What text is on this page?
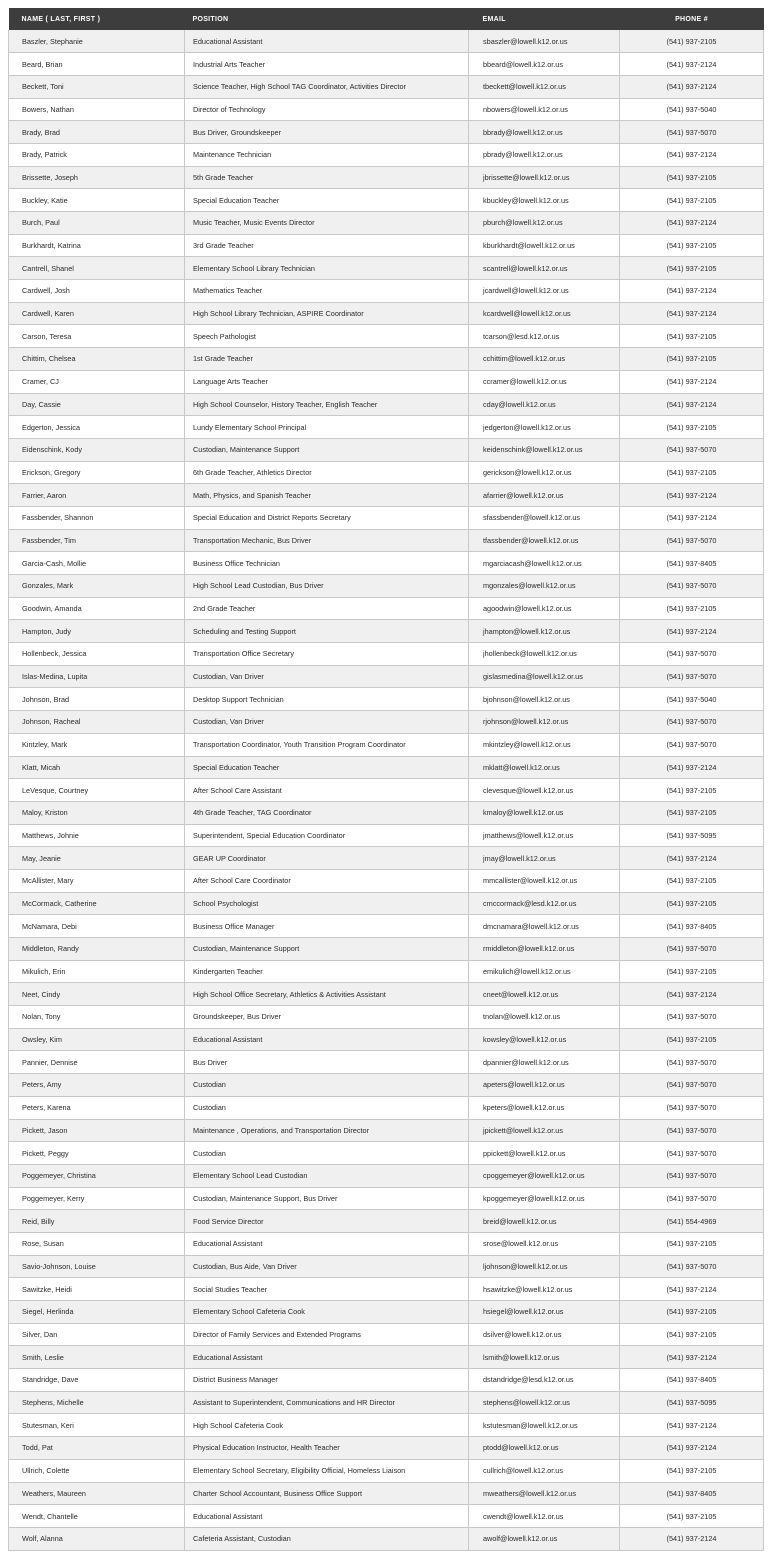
NAME ( LAST, FIRST )	POSITION	EMAIL	PHONE #
Baszler, Stephanie	Educational Assistant	sbaszler@lowell.k12.or.us	(541) 937-2105
Beard, Brian	Industrial Arts Teacher	bbeard@lowell.k12.or.us	(541) 937-2124
Beckett, Toni	Science Teacher, High School TAG Coordinator, Activities Director	tbeckett@lowell.k12.or.us	(541) 937-2124
Bowers, Nathan	Director of Technology	nbowers@lowell.k12.or.us	(541) 937-5040
Brady, Brad	Bus Driver, Groundskeeper	bbrady@lowell.k12.or.us	(541) 937-5070
Brady, Patrick	Maintenance Technician	pbrady@lowell.k12.or.us	(541) 937-2124
Brissette, Joseph	5th Grade Teacher	jbrissette@lowell.k12.or.us	(541) 937-2105
Buckley, Katie	Special Education Teacher	kbuckley@lowell.k12.or.us	(541) 937-2105
Burch, Paul	Music Teacher, Music Events Director	pburch@lowell.k12.or.us	(541) 937-2124
Burkhardt, Katrina	3rd Grade Teacher	kburkhardt@lowell.k12.or.us	(541) 937-2105
Cantrell, Shanel	Elementary School Library Technician	scantrell@lowell.k12.or.us	(541) 937-2105
Cardwell, Josh	Mathematics Teacher	jcardwell@lowell.k12.or.us	(541) 937-2124
Cardwell, Karen	High School Library Technician, ASPIRE Coordinator	kcardwell@lowell.k12.or.us	(541) 937-2124
Carson, Teresa	Speech Pathologist	tcarson@lesd.k12.or.us	(541) 937-2105
Chittim, Chelsea	1st Grade Teacher	cchittim@lowell.k12.or.us	(541) 937-2105
Cramer, CJ	Language Arts Teacher	ccramer@lowell.k12.or.us	(541) 937-2124
Day, Cassie	High School Counselor, History Teacher, English Teacher	cday@lowell.k12.or.us	(541) 937-2124
Edgerton, Jessica	Lundy Elementary School Principal	jedgerton@lowell.k12.or.us	(541) 937-2105
Eidenschink, Kody	Custodian, Maintenance Support	keidenschink@lowell.k12.or.us	(541) 937-5070
Erickson, Gregory	6th Grade Teacher, Athletics Director	gerickson@lowell.k12.or.us	(541) 937-2105
Farrier, Aaron	Math, Physics, and Spanish Teacher	afarrier@lowell.k12.or.us	(541) 937-2124
Fassbender, Shannon	Special Education and District Reports Secretary	sfassbender@lowell.k12.or.us	(541) 937-2124
Fassbender, Tim	Transportation Mechanic, Bus Driver	tfassbender@lowell.k12.or.us	(541) 937-5070
Garcia-Cash, Mollie	Business Office Technician	mgarciacash@lowell.k12.or.us	(541) 937-8405
Gonzales, Mark	High School Lead Custodian, Bus Driver	mgonzales@lowell.k12.or.us	(541) 937-5070
Goodwin, Amanda	2nd Grade Teacher	agoodwin@lowell.k12.or.us	(541) 937-2105
Hampton, Judy	Scheduling and Testing Support	jhampton@lowell.k12.or.us	(541) 937-2124
Hollenbeck, Jessica	Transportation Office Secretary	jhollenbeck@lowell.k12.or.us	(541) 937-5070
Islas-Medina, Lupita	Custodian, Van Driver	gislasmedina@lowell.k12.or.us	(541) 937-5070
Johnson, Brad	Desktop Support Technician	bjohnson@lowell.k12.or.us	(541) 937-5040
Johnson, Racheal	Custodian, Van Driver	rjohnson@lowell.k12.or.us	(541) 937-5070
Kintzley, Mark	Transportation Coordinator, Youth Transition Program Coordinator	mkintzley@lowell.k12.or.us	(541) 937-5070
Klatt, Micah	Special Education Teacher	mklatt@lowell.k12.or.us	(541) 937-2124
LeVesque, Courtney	After School Care Assistant	clevesque@lowell.k12.or.us	(541) 937-2105
Maloy, Kriston	4th Grade Teacher, TAG Coordinator	kmaloy@lowell.k12.or.us	(541) 937-2105
Matthews, Johnie	Superintendent, Special Education Coordinator	jmatthews@lowell.k12.or.us	(541) 937-5095
May, Jeanie	GEAR UP Coordinator	jmay@lowell.k12.or.us	(541) 937-2124
McAllister, Mary	After School Care Coordinator	mmcallister@lowell.k12.or.us	(541) 937-2105
McCormack, Catherine	School Psychologist	cmccormack@lesd.k12.or.us	(541) 937-2105
McNamara, Debi	Business Office Manager	dmcnamara@lowell.k12.or.us	(541) 937-8405
Middleton, Randy	Custodian, Maintenance Support	rmiddleton@lowell.k12.or.us	(541) 937-5070
Mikulich, Erin	Kindergarten Teacher	emikulich@lowell.k12.or.us	(541) 937-2105
Neet, Cindy	High School Office Secretary, Athletics & Activities Assistant	cneet@lowell.k12.or.us	(541) 937-2124
Nolan, Tony	Groundskeeper, Bus Driver	tnolan@lowell.k12.or.us	(541) 937-5070
Owsley, Kim	Educational Assistant	kowsley@lowell.k12.or.us	(541) 937-2105
Pannier, Dennise	Bus Driver	dpannier@lowell.k12.or.us	(541) 937-5070
Peters, Amy	Custodian	apeters@lowell.k12.or.us	(541) 937-5070
Peters, Karena	Custodian	kpeters@lowell.k12.or.us	(541) 937-5070
Pickett, Jason	Maintenance , Operations, and Transportation Director	jpickett@lowell.k12.or.us	(541) 937-5070
Pickett, Peggy	Custodian	ppickett@lowell.k12.or.us	(541) 937-5070
Poggemeyer, Christina	Elementary School Lead Custodian	cpoggemeyer@lowell.k12.or.us	(541) 937-5070
Poggemeyer, Kerry	Custodian, Maintenance Support, Bus Driver	kpoggemeyer@lowell.k12.or.us	(541) 937-5070
Reid, Billy	Food Service Director	breid@lowell.k12.or.us	(541) 554-4969
Rose, Susan	Educational Assistant	srose@lowell.k12.or.us	(541) 937-2105
Savio-Johnson, Louise	Custodian, Bus Aide, Van Driver	ljohnson@lowell.k12.or.us	(541) 937-5070
Sawitzke, Heidi	Social Studies Teacher	hsawitzke@lowell.k12.or.us	(541) 937-2124
Siegel, Herlinda	Elementary School Cafeteria Cook	hsiegel@lowell.k12.or.us	(541) 937-2105
Silver, Dan	Director of Family Services and Extended Programs	dsilver@lowell.k12.or.us	(541) 937-2105
Smith, Leslie	Educational Assistant	lsmith@lowell.k12.or.us	(541) 937-2124
Standridge, Dave	District Business Manager	dstandridge@lesd.k12.or.us	(541) 937-8405
Stephens, Michelle	Assistant to Superintendent, Communications and HR Director	stephens@lowell.k12.or.us	(541) 937-5095
Stutesman, Keri	High School Cafeteria Cook	kstutesman@lowell.k12.or.us	(541) 937-2124
Todd, Pat	Physical Education Instructor, Health Teacher	ptodd@lowell.k12.or.us	(541) 937-2124
Ullrich, Colette	Elementary School Secretary, Eligibility Official, Homeless Liaison	cullrich@lowell.k12.or.us	(541) 937-2105
Weathers, Maureen	Charter School Accountant, Business Office Support	mweathers@lowell.k12.or.us	(541) 937-8405
Wendt, Chantelle	Educational Assistant	cwendt@lowell.k12.or.us	(541) 937-2105
Wolf, Alanna	Cafeteria Assistant, Custodian	awolf@lowell.k12.or.us	(541) 937-2124
